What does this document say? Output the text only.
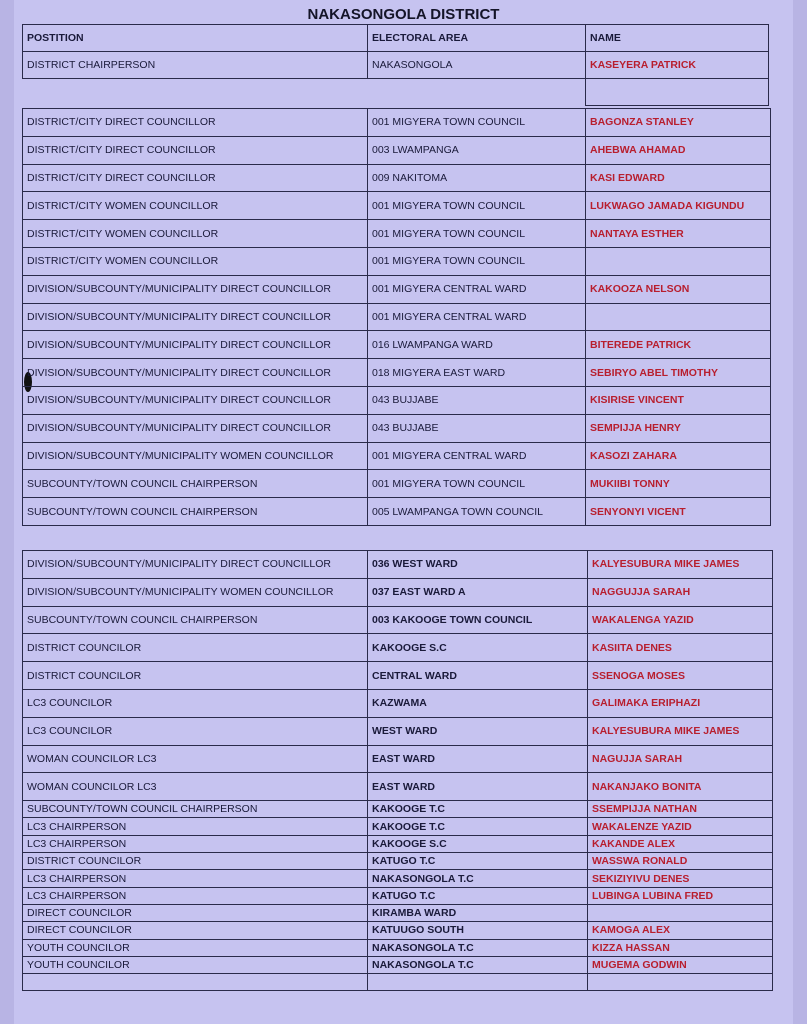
NAKASONGOLA DISTRICT
POSTITION	ELECTORAL AREA	NAME
DISTRICT CHAIRPERSON	NAKASONGOLA	KASEYERA PATRICK

DISTRICT/CITY DIRECT COUNCILLOR	001 MIGYERA TOWN COUNCIL	BAGONZA STANLEY
DISTRICT/CITY DIRECT COUNCILLOR	003 LWAMPANGA	AHEBWA AHAMAD
DISTRICT/CITY DIRECT COUNCILLOR	009 NAKITOMA	KASI EDWARD
DISTRICT/CITY WOMEN COUNCILLOR	001 MIGYERA TOWN COUNCIL	LUKWAGO JAMADA KIGUNDU
DISTRICT/CITY WOMEN COUNCILLOR	001 MIGYERA TOWN COUNCIL	NANTAYA ESTHER
DISTRICT/CITY WOMEN COUNCILLOR	001 MIGYERA TOWN COUNCIL	
DIVISION/SUBCOUNTY/MUNICIPALITY DIRECT COUNCILLOR	001 MIGYERA CENTRAL WARD	KAKOOZA NELSON
DIVISION/SUBCOUNTY/MUNICIPALITY DIRECT COUNCILLOR	001 MIGYERA CENTRAL WARD	
DIVISION/SUBCOUNTY/MUNICIPALITY DIRECT COUNCILLOR	016 LWAMPANGA WARD	BITEREDE PATRICK
DIVISION/SUBCOUNTY/MUNICIPALITY DIRECT COUNCILLOR	018 MIGYERA EAST WARD	SEBIRYO ABEL TIMOTHY
DIVISION/SUBCOUNTY/MUNICIPALITY DIRECT COUNCILLOR	043 BUJJABE	KISIRISE VINCENT
DIVISION/SUBCOUNTY/MUNICIPALITY DIRECT COUNCILLOR	043 BUJJABE	SEMPIJJA HENRY
DIVISION/SUBCOUNTY/MUNICIPALITY WOMEN COUNCILLOR	001 MIGYERA CENTRAL WARD	KASOZI ZAHARA
SUBCOUNTY/TOWN COUNCIL CHAIRPERSON	001 MIGYERA TOWN COUNCIL	MUKIIBI TONNY
SUBCOUNTY/TOWN COUNCIL CHAIRPERSON	005 LWAMPANGA TOWN COUNCIL	SENYONYI VICENT
DIVISION/SUBCOUNTY/MUNICIPALITY DIRECT COUNCILLOR	036 WEST WARD	KALYESUBURA MIKE JAMES
DIVISION/SUBCOUNTY/MUNICIPALITY WOMEN COUNCILLOR	037 EAST WARD A	NAGGUJJA SARAH
SUBCOUNTY/TOWN COUNCIL CHAIRPERSON	003 KAKOOGE TOWN COUNCIL	WAKALENGA YAZID
DISTRICT COUNCILOR	KAKOOGE S.C	KASIITA DENES
DISTRICT COUNCILOR	CENTRAL WARD	SSENOGA MOSES
LC3 COUNCILOR	KAZWAMA	GALIMAKA ERIPHAZI
LC3 COUNCILOR	WEST WARD	KALYESUBURA MIKE JAMES
WOMAN COUNCILOR LC3	EAST WARD	NAGUJJA SARAH
WOMAN COUNCILOR LC3	EAST WARD	NAKANJAKO BONITA
SUBCOUNTY/TOWN COUNCIL CHAIRPERSON	KAKOOGE T.C	SSEMPIJJA NATHAN
LC3 CHAIRPERSON	KAKOOGE T.C	WAKALENZE YAZID
LC3 CHAIRPERSON	KAKOOGE S.C	KAKANDE ALEX
DISTRICT COUNCILOR	KATUGO T.C	WASSWA RONALD
LC3 CHAIRPERSON	NAKASONGOLA T.C	SEKIZIYIVU DENES
LC3 CHAIRPERSON	KATUGO T.C	LUBINGA LUBINA FRED
DIRECT COUNCILOR	KIRAMBA WARD	
DIRECT COUNCILOR	KATUUGO SOUTH	KAMOGA ALEX
YOUTH COUNCILOR	NAKASONGOLA T.C	KIZZA HASSAN
YOUTH COUNCILOR	NAKASONGOLA T.C	MUGEMA GODWIN
